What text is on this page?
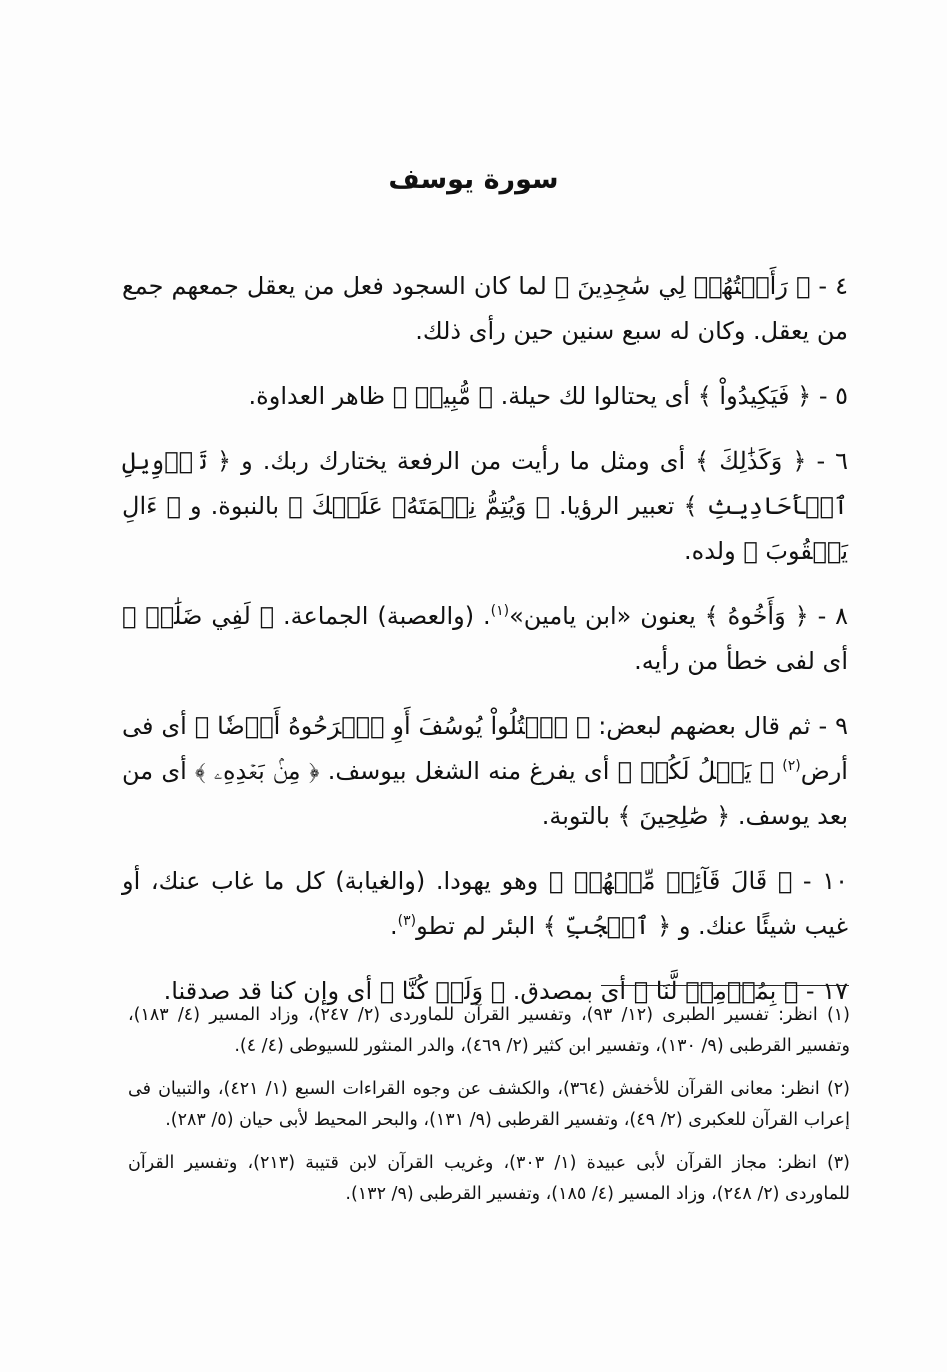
سورة يوسف

٤ - ﴿ رَأَيۡتُهُمۡ لِي سَٰجِدِينَ ﴾ لما كان السجود فعل من يعقل جمعهم جمع من يعقل. وكان له سبع سنين حين رأى ذلك.

٥ - ﴿ فَيَكِيدُواْ ﴾ أى يحتالوا لك حيلة. ﴿ مُّبِينٞ ﴾ ظاهر العداوة.

٦ - ﴿ وَكَذَٰلِكَ ﴾ أى ومثل ما رأيت من الرفعة يختارك ربك. و ﴿ تَأۡوِيلِ ٱلۡأَحَادِيثِ ﴾ تعبير الرؤيا. ﴿ وَيُتِمُّ نِعۡمَتَهُۥ عَلَيۡكَ ﴾ بالنبوة. و ﴿ ءَالِ يَعۡقُوبَ ﴾ ولده.

٨ - ﴿ وَأَخُوهُ ﴾ يعنون «ابن يامين»$^{(١)}$. (والعصبة) الجماعة. ﴿ لَفِي ضَلَٰلٖ ﴾ أى لفى خطأ من رأيه.

٩ - ثم قال بعضهم لبعض: ﴿ ٱقۡتُلُواْ يُوسُفَ أَوِ ٱطۡرَحُوهُ أَرۡضٗا ﴾ أى فى أرض$^{(٢)}$ ﴿ يَخۡلُ لَكُمۡ ﴾ أى يفرغ منه الشغل بيوسف. ﴿ مِنۢ بَعۡدِهِۦ ﴾ أى من بعد يوسف. ﴿ صَٰلِحِينَ ﴾ بالتوبة.

١٠ - ﴿ قَالَ قَآئِلٞ مِّنۡهُمۡ ﴾ وهو يهودا. (والغيابة) كل ما غاب عنك، أو غيب شيئًا عنك. و ﴿ ٱلۡجُبِّ ﴾ البئر لم تطو$^{(٣)}$.

١٧ - ﴿ بِمُؤۡمِنٖ لَّنَا ﴾ أى بمصدق. ﴿ وَلَوۡ كُنَّا ﴾ أى وإن كنا قد صدقنا.

(١) انظر: تفسير الطبرى (١٢/ ٩٣)، وتفسير القرآن للماوردى (٢/ ٢٤٧)، وزاد المسير (٤/ ١٨٣)، وتفسير القرطبى (٩/ ١٣٠)، وتفسير ابن كثير (٢/ ٤٦٩)، والدر المنثور للسيوطى (٤/ ٤).

(٢) انظر: معانى القرآن للأخفش (٣٦٤)، والكشف عن وجوه القراءات السبع (١/ ٤٢١)، والتبيان فى إعراب القرآن للعكبرى (٢/ ٤٩)، وتفسير القرطبى (٩/ ١٣١)، والبحر المحيط لأبى حيان (٥/ ٢٨٣).

(٣) انظر: مجاز القرآن لأبى عبيدة (١/ ٣٠٣)، وغريب القرآن لابن قتيبة (٢١٣)، وتفسير القرآن للماوردى (٢/ ٢٤٨)، وزاد المسير (٤/ ١٨٥)، وتفسير القرطبى (٩/ ١٣٢).
